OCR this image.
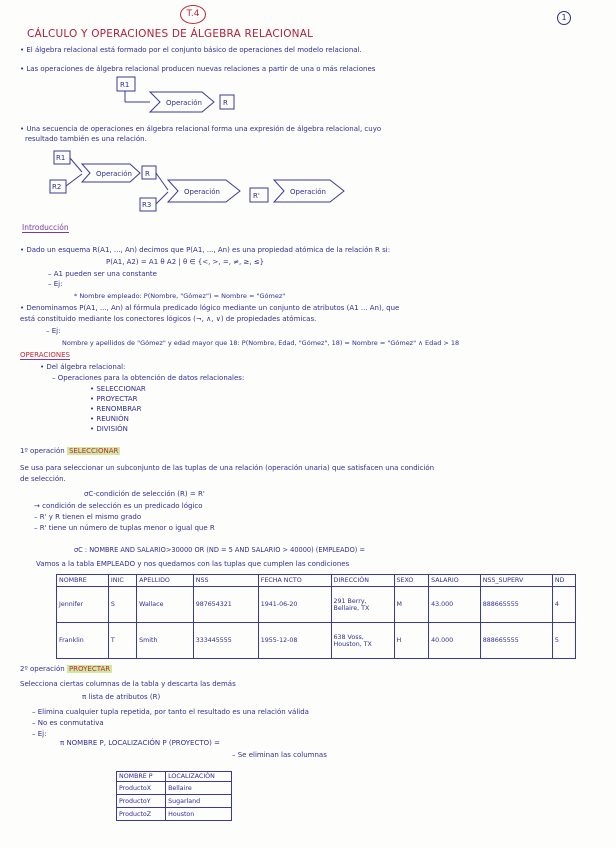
T.4	1
CÁLCULO Y OPERACIONES DE ÁLGEBRA RELACIONAL
• El álgebra relacional está formado por el conjunto básico de operaciones del modelo relacional.
• Las operaciones de álgebra relacional producen nuevas relaciones a partir de una o más relaciones
R1
Operación	R
• Una secuencia de operaciones en álgebra relacional forma una expresión de álgebra relacional, cuyo
resultado también es una relación.
R1
R2
Operación R
R3
Operación	R'	Operación
Introducción
• Dado un esquema R(A1, ..., An) decimos que P(A1, ..., An) es una propiedad atómica de la relación R si:
P(A1, A2) = A1 θ A2 | θ ∈ {<, >, =, ≠, ≥, ≤}
– A1 pueden ser una constante
– Ej:
* Nombre empleado: P(Nombre, "Gómez") = Nombre = "Gómez"
• Denominamos P(A1, ..., An) al fórmula predicado lógico mediante un conjunto de atributos (A1 ... An), que
está constituido mediante los conectores lógicos (¬, ∧, ∨) de propiedades atómicas.
– Ej:
Nombre y apellidos de "Gómez" y edad mayor que 18: P(Nombre, Edad, "Gómez", 18) = Nombre = "Gómez" ∧ Edad > 18
OPERACIONES
• Del álgebra relacional:
– Operaciones para la obtención de datos relacionales:
• SELECCIONAR
• PROYECTAR
• RENOMBRAR
• REUNIÓN
• DIVISIÓN
1º operación SELECCIONAR
Se usa para seleccionar un subconjunto de las tuplas de una relación (operación unaria) que satisfacen una condición
de selección.
σC-condición de selección (R) = R'
→ condición de selección es un predicado lógico
– R' y R tienen el mismo grado
– R' tiene un número de tuplas menor o igual que R
σC : NOMBRE AND SALARIO>30000 OR (ND = 5 AND SALARIO > 40000) (EMPLEADO) =
Vamos a la tabla EMPLEADO y nos quedamos con las tuplas que cumplen las condiciones
NOMBRE	INIC	APELLIDO	NSS	FECHA NCTO	DIRECCIÓN	SEXO	SALARIO	NSS_SUPERV	ND
Jennifer	S	Wallace	987654321	1941-06-20	291 Berry, Bellaire, TX	M	43.000	888665555	4
Franklin	T	Smith	333445555	1955-12-08	638 Voss, Houston, TX	H	40.000	888665555	5
2º operación PROYECTAR
Selecciona ciertas columnas de la tabla y descarta las demás
π lista de atributos (R)
– Elimina cualquier tupla repetida, por tanto el resultado es una relación válida
– No es conmutativa
– Ej:
π NOMBRE P, LOCALIZACIÓN P (PROYECTO) =
– Se eliminan las columnas
NOMBRE P	LOCALIZACIÓN
ProductoX	Bellaire
ProductoY	Sugarland
ProductoZ	Houston
